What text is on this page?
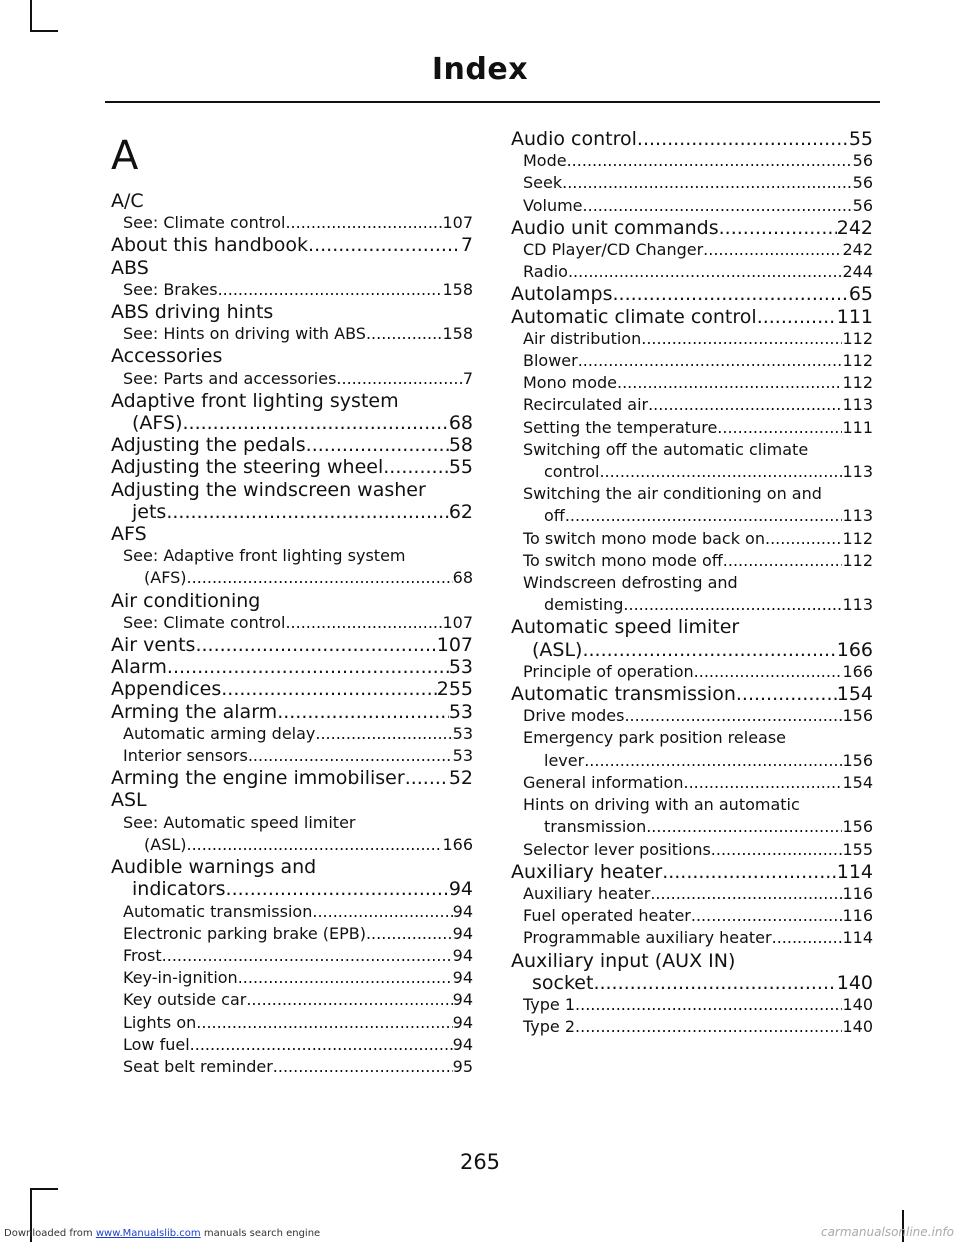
Index
A
A/C
See: Climate control .....	107
About this handbook .....	7
ABS
See: Brakes .....	158
ABS driving hints
See: Hints on driving with ABS .....	158
Accessories
See: Parts and accessories .....	7
Adaptive front lighting system
(AFS) .....	68
Adjusting the pedals .....	58
Adjusting the steering wheel .....	55
Adjusting the windscreen washer
jets .....	62
AFS
See: Adaptive front lighting system
(AFS) .....	68
Air conditioning
See: Climate control .....	107
Air vents .....	107
Alarm .....	53
Appendices .....	255
Arming the alarm .....	53
Automatic arming delay .....	53
Interior sensors .....	53
Arming the engine immobiliser ..... 52
ASL
See: Automatic speed limiter
(ASL) .....	166
Audible warnings and
indicators .....	94
Automatic transmission .....	94
Electronic parking brake (EPB) .....	94
Frost .....	94
Key-in-ignition .....	94
Key outside car .....	94
Lights on .....	94
Low fuel .....	94
Seat belt reminder .....	95
Audio control .....	55
Mode .....	56
Seek .....	56
Volume .....	56
Audio unit commands .....	242
CD Player/CD Changer .....	242
Radio .....	244
Autolamps .....	65
Automatic climate control .....	111
Air distribution .....	112
Blower .....	112
Mono mode .....	112
Recirculated air .....	113
Setting the temperature .....	111
Switching off the automatic climate
control .....	113
Switching the air conditioning on and
off .....	113
To switch mono mode back on .....	112
To switch mono mode off .....	112
Windscreen defrosting and
demisting .....	113
Automatic speed limiter
(ASL) .....	166
Principle of operation .....	166
Automatic transmission .....	154
Drive modes .....	156
Emergency park position release
lever .....	156
General information .....	154
Hints on driving with an automatic
transmission .....	156
Selector lever positions .....	155
Auxiliary heater .....	114
Auxiliary heater .....	116
Fuel operated heater .....	116
Programmable auxiliary heater .....	114
Auxiliary input (AUX IN)
socket .....	140
Type 1 .....	140
Type 2 .....	140
265
Downloaded from www.Manualslib.com manuals search engine	carmanualsonline.info
